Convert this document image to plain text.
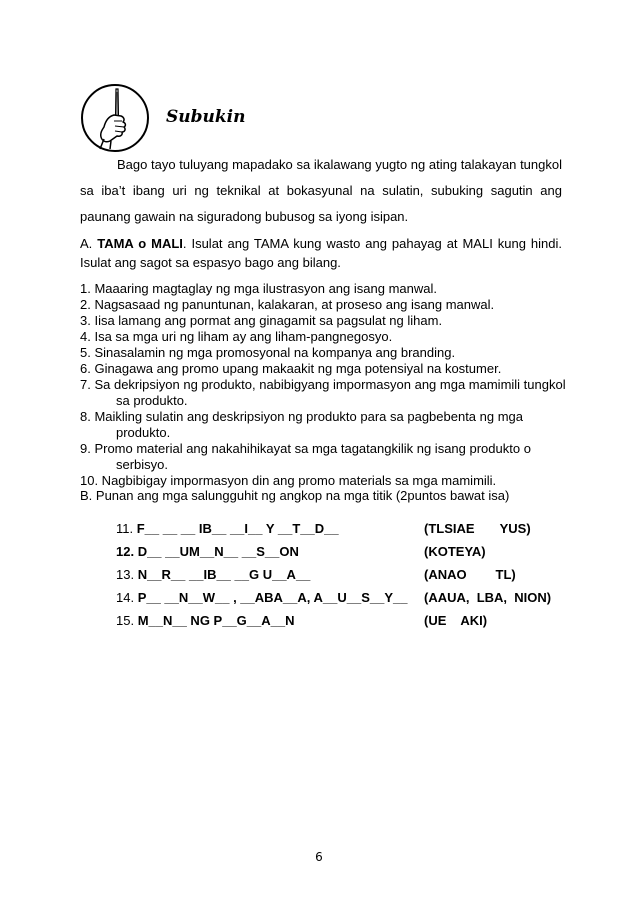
Subukin

Bago tayo tuluyang mapadako sa ikalawang yugto ng ating talakayan tungkol sa iba’t ibang uri ng teknikal at bokasyunal na sulatin, subuking sagutin ang paunang gawain na siguradong bubusog sa iyong isipan.

A. TAMA o MALI. Isulat ang TAMA kung wasto ang pahayag at MALI kung hindi. Isulat ang sagot sa espasyo bago ang bilang.
1. Maaaring magtaglay ng mga ilustrasyon ang isang manwal.
2. Nagsasaad ng panuntunan, kalakaran, at proseso ang isang manwal.
3. Iisa lamang ang pormat ang ginagamit sa pagsulat ng liham.
4. Isa sa mga uri ng liham ay ang liham-pangnegosyo.
5. Sinasalamin ng mga promosyonal na kompanya ang branding.
6. Ginagawa ang promo upang makaakit ng mga potensiyal na kostumer.
7. Sa dekripsiyon ng produkto, nabibigyang impormasyon ang mga mamimili tungkol
sa produkto.
8. Maikling sulatin ang deskripsiyon ng produkto para sa pagbebenta ng mga
produkto.
9. Promo material ang nakahihikayat sa mga tagatangkilik ng isang produkto o
serbisyo.
10. Nagbibigay impormasyon din ang promo materials sa mga mamimili.
B. Punan ang mga salungguhit ng angkop na mga titik (2puntos bawat isa)
11. F__ __ __ IB__ __I__ Y __T__D__	(TLSIAE       YUS)
12. D__ __UM__N__ __S__ON	(KOTEYA)
13. N__R__ __IB__ __G U__A__	(ANAO        TL)
14. P__ __N__W__ , __ABA__A, A__U__S__Y__ (AAUA,  LBA,  NION)
15. M__N__ NG P__G__A__N	(UE    AKI)
6
